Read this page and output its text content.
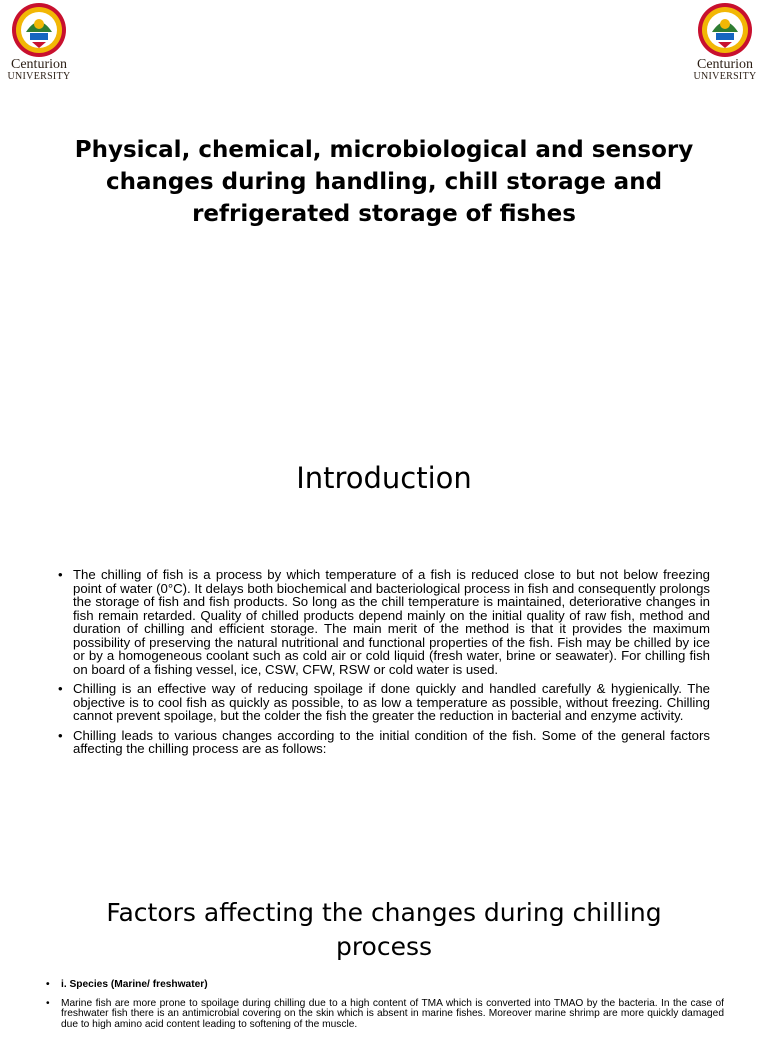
Centurion
UNIVERSITY
Centurion
UNIVERSITY
Physical, chemical, microbiological and sensory changes during handling, chill storage and refrigerated storage of fishes
Introduction
• The chilling of fish is a process by which temperature of a fish is reduced close to but not below freezing point of water (0°C). It delays both biochemical and bacteriological process in fish and consequently prolongs the storage of fish and fish products. So long as the chill temperature is maintained, deteriorative changes in fish remain retarded. Quality of chilled products depend mainly on the initial quality of raw fish, method and duration of chilling and efficient storage. The main merit of the method is that it provides the maximum possibility of preserving the natural nutritional and functional properties of the fish. Fish may be chilled by ice or by a homogeneous coolant such as cold air or cold liquid (fresh water, brine or seawater). For chilling fish on board of a fishing vessel, ice, CSW, CFW, RSW or cold water is used.
• Chilling is an effective way of reducing spoilage if done quickly and handled carefully & hygienically. The objective is to cool fish as quickly as possible, to as low a temperature as possible, without freezing. Chilling cannot prevent spoilage, but the colder the fish the greater the reduction in bacterial and enzyme activity.
• Chilling leads to various changes according to the initial condition of the fish. Some of the general factors affecting the chilling process are as follows:
Factors affecting the changes during chilling process
• i. Species (Marine/ freshwater)
• Marine fish are more prone to spoilage during chilling due to a high content of TMA which is converted into TMAO by the bacteria. In the case of freshwater fish there is an antimicrobial covering on the skin which is absent in marine fishes. Moreover marine shrimp are more quickly damaged due to high amino acid content leading to softening of the muscle.
